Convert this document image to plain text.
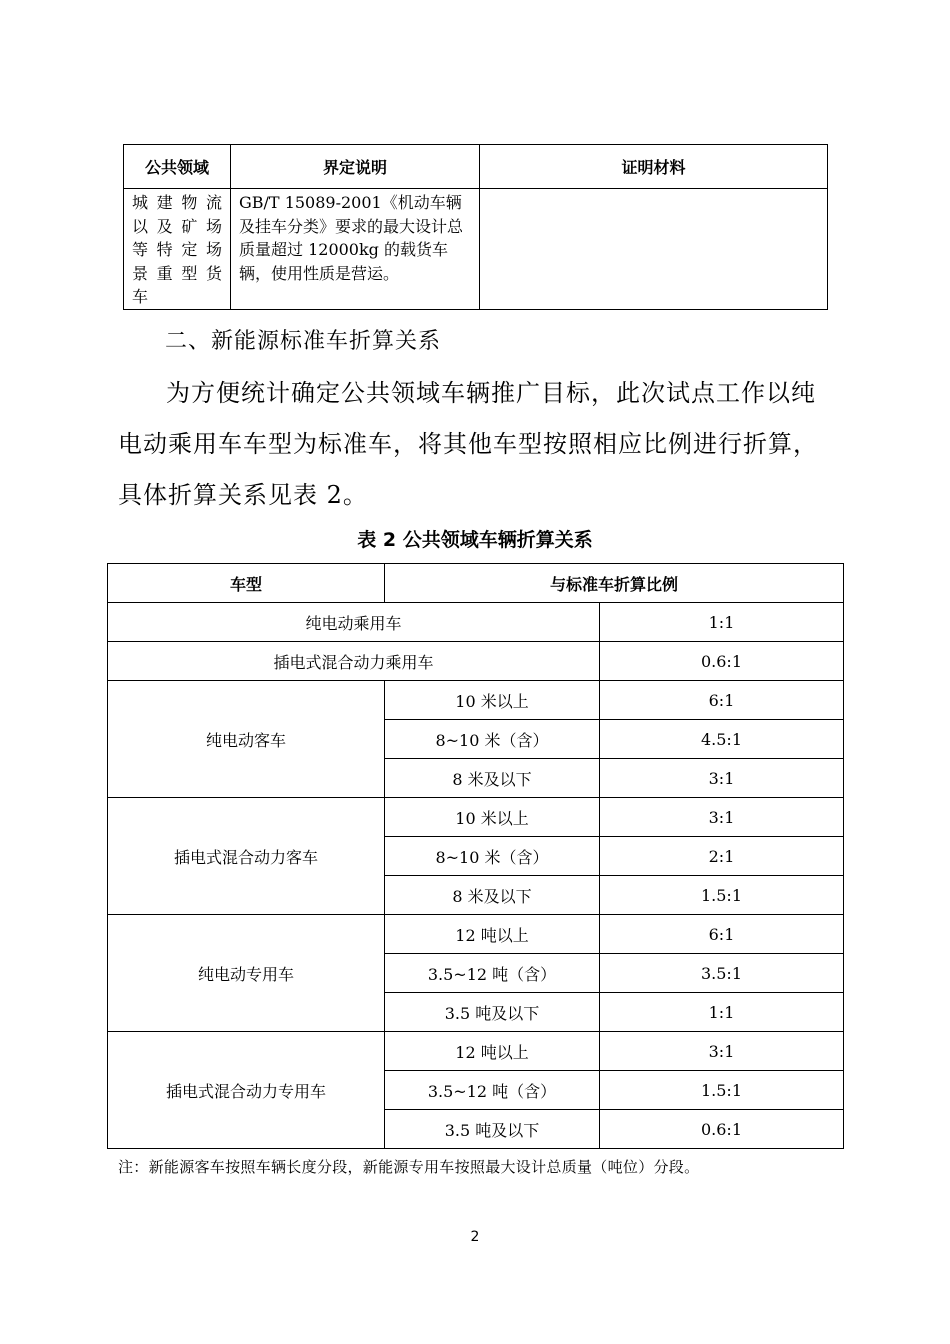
公共领域	界定说明	证明材料

城建物流
以及矿场
等特定场
景重型货
车	GB/T 15089-2001《机动车辆及挂车分类》要求的最大设计总质量超过 12000kg 的载货车辆，使用性质是营运。	
二、新能源标准车折算关系

为方便统计确定公共领域车辆推广目标，此次试点工作以纯电动乘用车车型为标准车，将其他车型按照相应比例进行折算，具体折算关系见表 2。

表 2 公共领域车辆折算关系
车型	与标准车折算比例	
纯电动乘用车		1:1
插电式混合动力乘用车		0.6:1
纯电动客车	10 米以上	6:1
	8~10 米（含）	4.5:1
	8 米及以下	3:1
插电式混合动力客车	10 米以上	3:1
	8~10 米（含）	2:1
	8 米及以下	1.5:1
纯电动专用车	12 吨以上	6:1
	3.5~12 吨（含）	3.5:1
	3.5 吨及以下	1:1
插电式混合动力专用车	12 吨以上	3:1
	3.5~12 吨（含）	1.5:1
	3.5 吨及以下	0.6:1
注：新能源客车按照车辆长度分段，新能源专用车按照最大设计总质量（吨位）分段。
2
